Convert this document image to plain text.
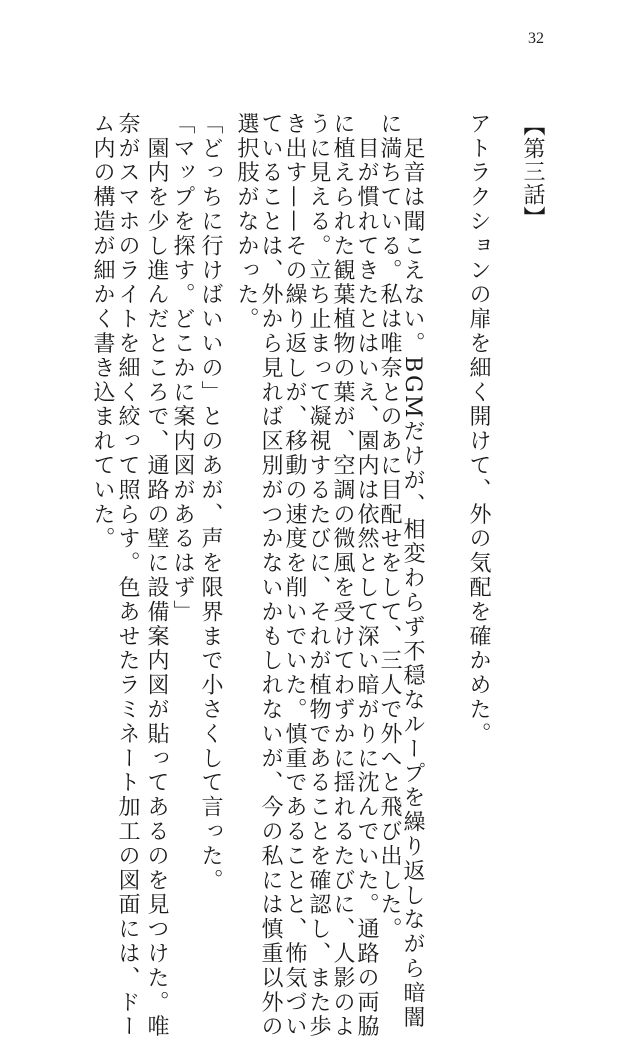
32
【第三話】
アトラクションの扉を細く開けて、外の気配を確かめた。
　足音は聞こえない。BGMだけが、相変わらず不穏なループを繰り返しながら暗闇
に満ちている。私は唯奈とのあに目配せをして、三人で外へと飛び出した。
　目が慣れてきたとはいえ、園内は依然として深い暗がりに沈んでいた。通路の両脇
に植えられた観葉植物の葉が、空調の微風を受けてわずかに揺れるたびに、人影のよ
うに見える。立ち止まって凝視するたびに、それが植物であることを確認し、また歩
き出す——その繰り返しが、移動の速度を削いでいた。慎重であることと、怖気づい
ていることは、外から見れば区別がつかないかもしれないが、今の私には慎重以外の
選択肢がなかった。
「どっちに行けばいいの」とのあが、声を限界まで小さくして言った。
「マップを探す。どこかに案内図があるはず」
　園内を少し進んだところで、通路の壁に設備案内図が貼ってあるのを見つけた。唯
奈がスマホのライトを細く絞って照らす。色あせたラミネート加工の図面には、ドー
ム内の構造が細かく書き込まれていた。
